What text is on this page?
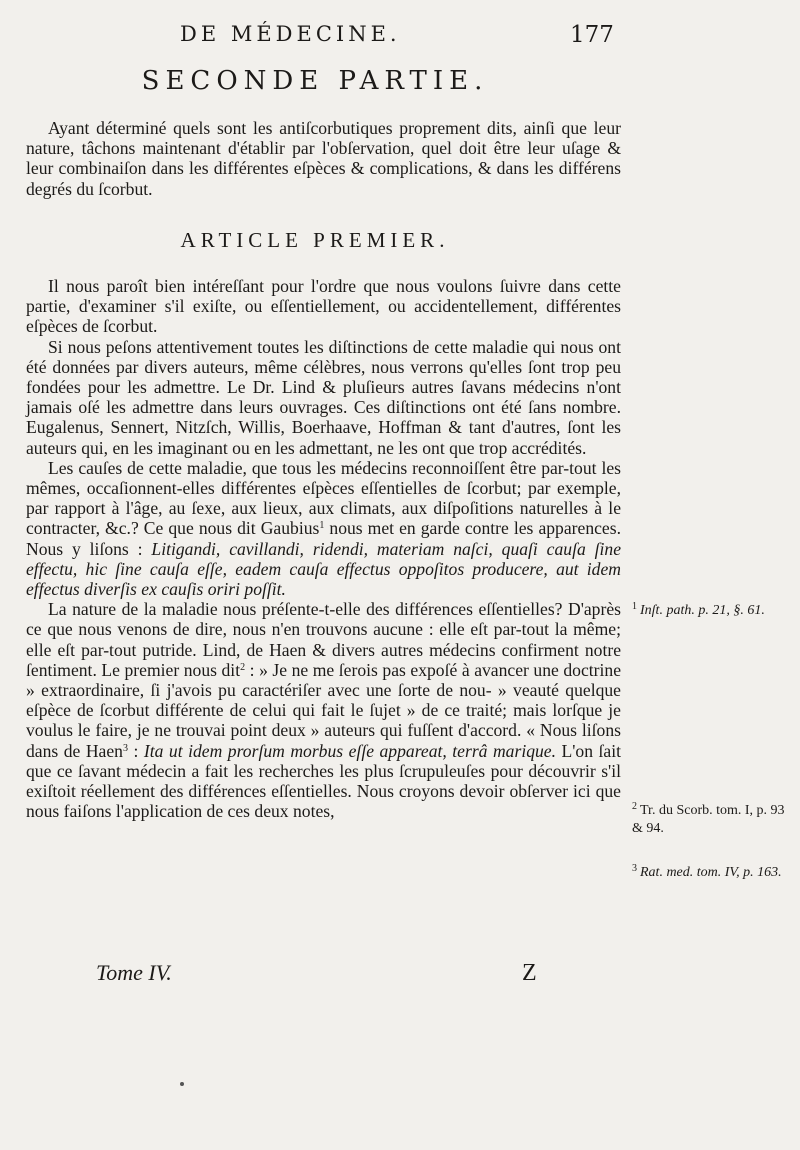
DE MÉDECINE.	177
SECONDE PARTIE.

Ayant déterminé quels sont les antiſcorbutiques proprement dits, ainſi que leur nature, tâchons maintenant d'établir par l'obſervation, quel doit être leur uſage & leur combinaiſon dans les différentes eſpèces & complications, & dans les différens degrés du ſcorbut.

ARTICLE PREMIER.

Il nous paroît bien intéreſſant pour l'ordre que nous voulons ſuivre dans cette partie, d'examiner s'il exiſte, ou eſſentiellement, ou accidentellement, différentes eſpèces de ſcorbut.

Si nous peſons attentivement toutes les diſtinctions de cette maladie qui nous ont été données par divers auteurs, même célèbres, nous verrons qu'elles ſont trop peu fondées pour les admettre. Le Dr. Lind & pluſieurs autres ſavans médecins n'ont jamais oſé les admettre dans leurs ouvrages. Ces diſtinctions ont été ſans nombre. Eugalenus, Sennert, Nitzſch, Willis, Boerhaave, Hoffman & tant d'autres, ſont les auteurs qui, en les imaginant ou en les admettant, ne les ont que trop accrédités.

Les cauſes de cette maladie, que tous les médecins reconnoiſſent être par-tout les mêmes, occaſionnent-elles différentes eſpèces eſſentielles de ſcorbut; par exemple, par rapport à l'âge, au ſexe, aux lieux, aux climats, aux diſpoſitions naturelles à le contracter, &c.? Ce que nous dit Gaubius$^1$ nous met en garde contre les apparences. Nous y liſons : Litigandi, cavillandi, ridendi, materiam naſci, quaſi cauſa ſine effectu, hic ſine cauſa eſſe, eadem cauſa effectus oppoſitos producere, aut idem effectus diverſis ex cauſis oriri poſſit.

La nature de la maladie nous préſente-t-elle des différences eſſentielles? D'après ce que nous venons de dire, nous n'en trouvons aucune : elle eſt par-tout la même; elle eſt par-tout putride. Lind, de Haen & divers autres médecins confirment notre ſentiment. Le premier nous dit$^2$ : » Je ne me ſerois pas expoſé à avancer une doctrine » extraordinaire, ſi j'avois pu caractériſer avec une ſorte de nou- » veauté quelque eſpèce de ſcorbut différente de celui qui fait le ſujet » de ce traité; mais lorſque je voulus le faire, je ne trouvai point deux » auteurs qui fuſſent d'accord. « Nous liſons dans de Haen$^3$ : Ita ut idem prorſum morbus eſſe appareat, terrâ marique. L'on ſait que ce ſavant médecin a fait les recherches les plus ſcrupuleuſes pour découvrir s'il exiſtoit réellement des différences eſſentielles. Nous croyons devoir obſerver ici que nous faiſons l'application de ces deux notes,

$^1$ Inſt. path. p. 21, §. 61.
$^2$ Tr. du Scorb. tom. I, p. 93 & 94.
$^3$ Rat. med. tom. IV, p. 163.
Tome IV.	Z
